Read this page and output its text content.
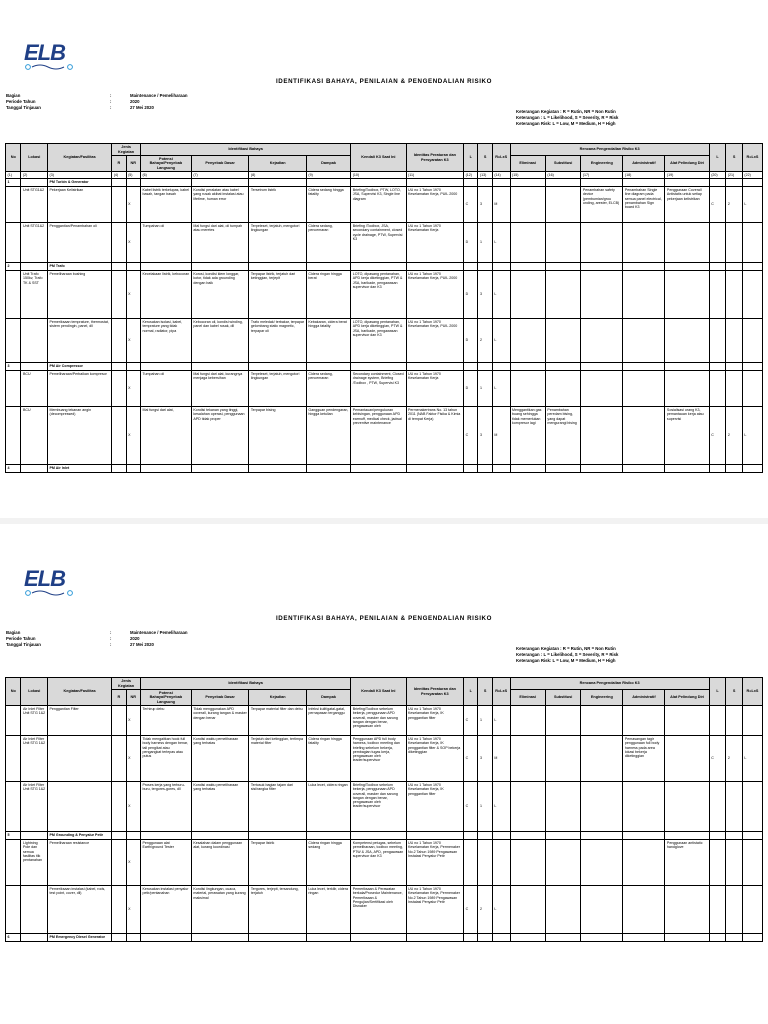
ELB
IDENTIFIKASI BAHAYA, PENILAIAN & PENGENDALIAN RISIKO
Bagian	:	Maintenance / Pemeliharaan
Periode Tahun	:	2020
Tanggal Tinjauan	:	27 Mei 2020
Keterangan Kegiatan : R = Rutin, NR = Non Rutin
Keterangan : L = Likelihood, S = Severity, R = Risk
Keterangan Risk: L = Low, M = Medium, H = High
No	Lokasi	Kegiatan/Fasilitas	Jenis Kegiatan		Identifikasi Bahaya				Kendali K3 Saat Ini	Identitas Peraturan dan Persyaratan K3	L	S	R=LxS	Rencana Pengendalian Risiko K3					L	S	R=LxS
			R	NR	Potensi Bahaya/Penyebab Langsung	Penyebab Dasar	Kejadian	Dampak						Eliminasi	Substitusi	Engineering	Administratif	Alat Pelindung Diri			
(1)	(2)	(3)	(4)	(5)	(6)	(7)	(8)	(9)	(10)	(11)	(12)	(13)	(14)	(15)	(16)	(17)	(18)	(19)	(20)	(21)	(22)
1		PM Turbin & Generator																			
	Unit STG1&2	Pekerjaan Kelistrikan		X	Kabel listrik terkelupas, kabel basah, tangan basah	Kondisi peralatan atau kabel yang rusak akibat instalasi atau lifetime, human error	Tersetrum listrik	Cidera sedang hingga fatality	Briefing/Toolbox, PTW, LOTO, JSA, Supervisi K3, Single line diagram	UU no 1 Tahun 1970 Keselamatan Kerja, PUIL 2000	C	3	M			Penambahan safety device (pembumian/grou unding, arester, ELCB)	Penambahan Single line diagram pada semua panel electrical, penambahan Sign board K3	Penggunaan Coverall Antistatis untuk setiap pekerjaan kelistrikan	C	2	L
	Unit STG1&2	Penggantian/Penambahan oli		X	Tumpahan oli	Mal fungsi dari alat, oli tumpah atau meretes	Terpeleset, terjatuh, mengotori lingkungan	Cidera sedang, pencemaran	Briefing /Toolbox, JSA, secondary containment, closed cycle drainage, PTW, Supervisi K3	UU no 1 Tahun 1970 Keselamatan Kerja	D	1	L								
2		PM Trafo																			
	Unit Trafo 150kv, Trafo TK & SST	Pemeliharaan bushing		X	Kecelakaan listrik, kebocoran	Korosi, kondisi klem longgar, kotor, tidak ada grounding dengan baik	Terpapar listrik, terjatuh dari ketinggian, terjepit	Cidera ringan hingga berat	LOTO, dipasang pentanahan, APD kerja diketinggian, PTW & JSA, barikade, pengawasan supervisor dan K3	UU no 1 Tahun 1970 Keselamatan Kerja, PUIL 2000	D	3	L								
		Pemeriksaan temprature, thermostat, sistem pendingin, panel, dll		X	Kerusakan isolasi, kabel, temprature yang tidak normal, radiator, pipa	Kebocoran oli, kondisi winding, panel dan kabel rusak, dll	Trafo meledak/ terbakar, terpapar gelombang static magnetic, terpapar oli	Kebakaran, cidera berat hingga fatality	LOTO, dipasang pentanahan, APD kerja diketinggian, PTW & JSA, barikade, pengawasan supervisor dan K3	UU no 1 Tahun 1970 Keselamatan Kerja, PUIL 2000	D	2	L								
3		PM Air Compressor																			
	BCU	Pemeliharaan/Perbaikan kompresor		X	Tumpahan oli	Mal fungsi dari alat, kurangnya menjaga kebersihan	Terpeleset, terjatuh, mengotori lingkungan	Cidera sedang, pencemaran	Secondary containment, Closed drainage system, Briefing /Toolbox , PTW, Supervisi K3	UU no 1 Tahun 1970 Keselamatan Kerja	D	1	L								
	BCU	Membuang tekanan angin (decompressed)		X	Mal fungsi dari alat,	Kondisi tekanan yang tinggi, kesalahan operasi, penggunaan APD tidak proper	Terpapar bising	Gangguan pendengaran, hingga ketulian	Pemantauan/pengukuran kebisingan, penggunaan APD earmuff, medical check, jadwal preventive maintenance	Permenakertrans No. 13 tahun 2011 (NAB Faktor Fisika & Kimia di tempat Kerja)	C	3	M	Menggantikan gas buang sehingga tidak memerlukan kompresor lagi	Penambahan peredam bising, yang dapat mengurangi bising			Sosialisasi urang K3, pemantauan kerja atau supervisi	C	2	L
4		PM Air Inlet																			
ELB
IDENTIFIKASI BAHAYA, PENILAIAN & PENGENDALIAN RISIKO
Bagian	:	Maintenance / Pemeliharaan
Periode Tahun	:	2020
Tanggal Tinjauan	:	27 Mei 2020
Keterangan Kegiatan : R = Rutin, NR = Non Rutin
Keterangan : L = Likelihood, S = Severity, R = Risk
Keterangan Risk: L = Low, M = Medium, H = High
No	Lokasi	Kegiatan/Fasilitas	Jenis Kegiatan		Identifikasi Bahaya				Kendali K3 Saat Ini	Identitas Peraturan dan Persyaratan K3	L	S	R=LxS	Rencana Pengendalian Risiko K3					L	S	R=LxS
			R	NR	Potensi Bahaya/Penyebab Langsung	Penyebab Dasar	Kejadian	Dampak						Eliminasi	Substitusi	Engineering	Administratif	Alat Pelindung Diri			
	Air Inlet Filter Unit STG 1&2	Penggantian Filter		X	Terhirup debu	Tidak menggunakan APD coverall, kurang tangan & masker dengan benar	Terpapar material filter dan debu	Infeksi kulit/gatal-gatal, pernapasan terganggu	Briefing/Toolbox sebelum bekerja, penggunaan APD coverall, masker dan sarung tangan dengan benar, pengawasan oleh	UU no 1 Tahun 1970 Keselamatan Kerja, IK penggantian filter	C	1	L								
	Air Inlet Filter Unit STG 1&2			X	Tidak mengaitkan hook full body harness dengan benar, tali pengikat atau pengangkat terlepas atau putus	Kondisi waktu pemeliharaan yang terbatas	Terjatuh dari ketinggian, tertimpa material filter	Cidera ringan hingga fatality	Penggunaan APD full body harness, toolbox meeting dan briefing sebelum bekerja, pembagian tugas kerja, pengawasan oleh leader/supervisor	UU no 1 Tahun 1970 Keselamatan Kerja, IK penggantian filter & SOP bekerja diketinggian	C	3	M				Pemasangan tagir penggunaan full body harness pada area lokasi bekerja diketinggian		C	2	L
	Air Inlet Filter Unit STG 1&2			X	Proses kerja yang terburu-buru, tergores-gores, dll	Kondisi waktu pemeliharaan yang terbatas	Tertusuk bagian tajam dari sisi/rangka filter	Luka lecet, cidera ringan	Briefing/Toolbox sebelum bekerja, penggunaan APD coverall, masker dan sarung tangan dengan benar, pengawasan oleh leader/supervisor	UU no 1 Tahun 1970 Keselamatan Kerja, IK penggantian filter	C	1	L								
5		PM Grounding & Penyalur Petir																			
	Lightning Pole dan semua fasilitas tiik pentanahan	Pemeliharaan resistance		X	Penggunaan alat Earth/ground Tester	Kesalahan dalam penggunaan alat, kurang koordinasi	Terpapar listrik	Cidera ringan hingga sedang	Kompetensi petugas, sebelum pemeliharaan, toolbox meeting, PTW & JSA, APD, pengawasan supervisor dan K3	UU no 1 Tahun 1970 Keselamatan Kerja, Permenaker No.2 Tahun 1989 Pengawasan Instalasi Penyalur Petir								Penggunaan antistatic handglove			
		Pemeriksaan instalasi (kabel, rods, test point, cover, dll)		X	Kerusakan instalasi penyalur petir/pentanahan	Kondisi lingkungan, cuaca, material, perawatan yang kurang maksimal	Tergores, terjepit, tersandung, terjatuh	Luka lecet, terkilir, cidera ringan	Pemeriksaan & Perawatan berkala/Prosedur Maintenance, Pemeriksaan & Pengujian/Sertifikasi oleh Disnaker	UU no 1 Tahun 1970 Keselamatan Kerja, Permenaker No.2 Tahun 1989 Pengawasan Instalasi Penyalur Petir	C	2	L								
6		PM Emergency Diesel Generator																			
